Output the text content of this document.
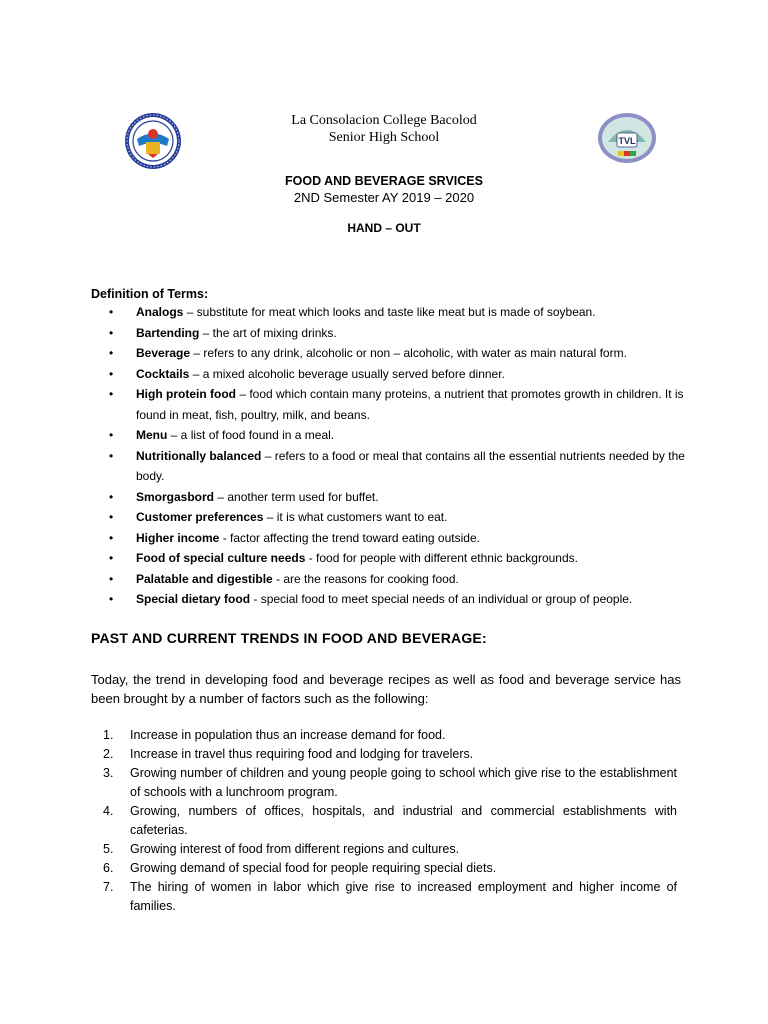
TVL
La Consolacion College Bacolod
Senior High School
FOOD AND BEVERAGE SRVICES
2ND Semester AY 2019 – 2020
HAND – OUT
Definition of Terms:
• Analogs – substitute for meat which looks and taste like meat but is made of soybean.
• Bartending – the art of mixing drinks.
• Beverage – refers to any drink, alcoholic or non – alcoholic, with water as main natural form.
• Cocktails – a mixed alcoholic beverage usually served before dinner.
• High protein food – food which contain many proteins, a nutrient that promotes growth in children. It is found in meat, fish, poultry, milk, and beans.
• Menu – a list of food found in a meal.
• Nutritionally balanced – refers to a food or meal that contains all the essential nutrients needed by the body.
• Smorgasbord – another term used for buffet.
• Customer preferences – it is what customers want to eat.
• Higher income - factor affecting the trend toward eating outside.
• Food of special culture needs - food for people with different ethnic backgrounds.
• Palatable and digestible - are the reasons for cooking food.
• Special dietary food - special food to meet special needs of an individual or group of people.
PAST AND CURRENT TRENDS IN FOOD AND BEVERAGE:
Today, the trend in developing food and beverage recipes as well as food and beverage service has been brought by a number of factors such as the following:
1. Increase in population thus an increase demand for food.
2. Increase in travel thus requiring food and lodging for travelers.
3. Growing number of children and young people going to school which give rise to the establishment of schools with a lunchroom program.
4. Growing, numbers of offices, hospitals, and industrial and commercial establishments with cafeterias.
5. Growing interest of food from different regions and cultures.
6. Growing demand of special food for people requiring special diets.
7. The hiring of women in labor which give rise to increased employment and higher income of families.
